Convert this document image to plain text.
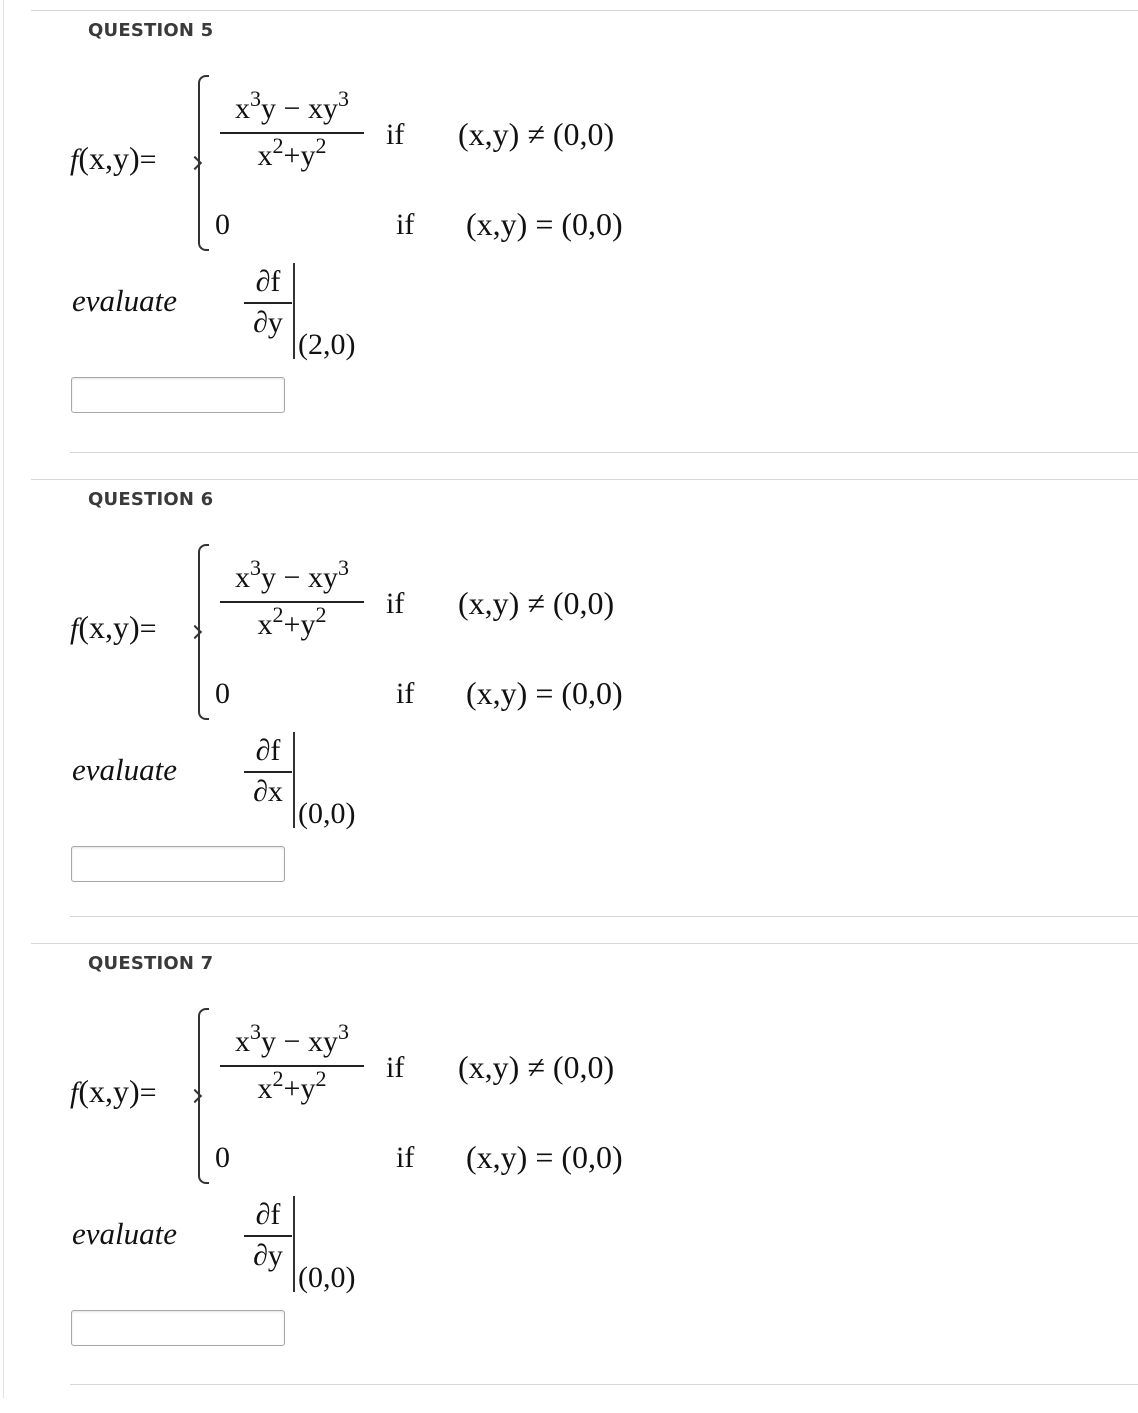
QUESTION 5
f(x,y)=
$x^3y - xy^3$
$x^2+y^2$	if (x,y) ≠ (0,0)
0	if (x,y) = (0,0)
evaluate
∂f
∂y
(2,0)
QUESTION 6
f(x,y)=
$x^3y - xy^3$
$x^2+y^2$	if (x,y) ≠ (0,0)
0	if (x,y) = (0,0)
evaluate
∂f
∂x
(0,0)
QUESTION 7
f(x,y)=
$x^3y - xy^3$
$x^2+y^2$	if (x,y) ≠ (0,0)
0	if (x,y) = (0,0)
evaluate
∂f
∂y
(0,0)
